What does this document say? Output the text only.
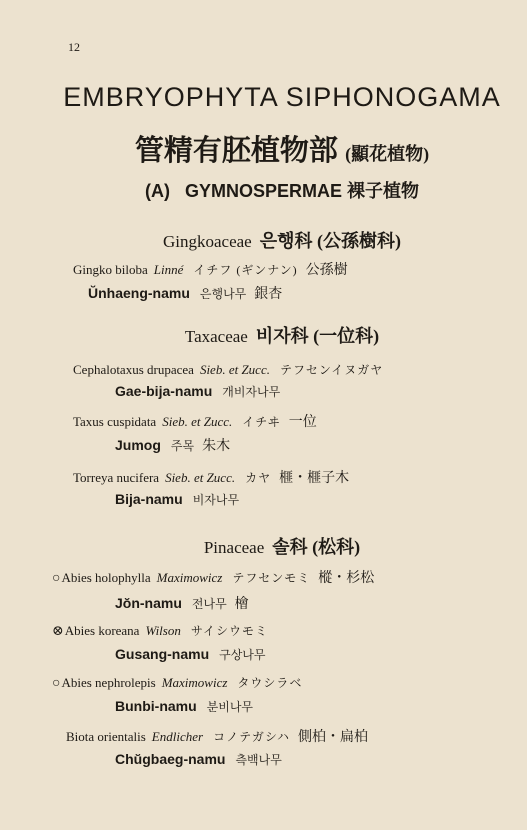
12
EMBRYOPHYTA SIPHONOGAMA
管精有胚植物部 (顯花植物)
(A) GYMNOSPERMAE 裸子植物
Gingkoaceae 은행科 (公孫樹科)
Gingko biloba Linné イチフ (ギンナン) 公孫樹
Ŭnhaeng-namu 은행나무 銀杏
Taxaceae 비자科 (一位科)
Cephalotaxus drupacea Sieb. et Zucc. テフセンイヌガヤ
Gae-bija-namu 개비자나무
Taxus cuspidata Sieb. et Zucc. イチヰ 一位
Jumog 주목 朱木
Torreya nucifera Sieb. et Zucc. カヤ 榧・榧子木
Bija-namu 비자나무
Pinaceae 솔科 (松科)
○Abies holophylla Maximowicz テフセンモミ 樅・杉松
Jŏn-namu 전나무 檜
⊗Abies koreana Wilson サイシウモミ
Gusang-namu 구상나무
○Abies nephrolepis Maximowicz タウシラベ
Bunbi-namu 분비나무
Biota orientalis Endlicher コノテガシハ 側柏・扁柏
Chŭgbaeg-namu 측백나무
